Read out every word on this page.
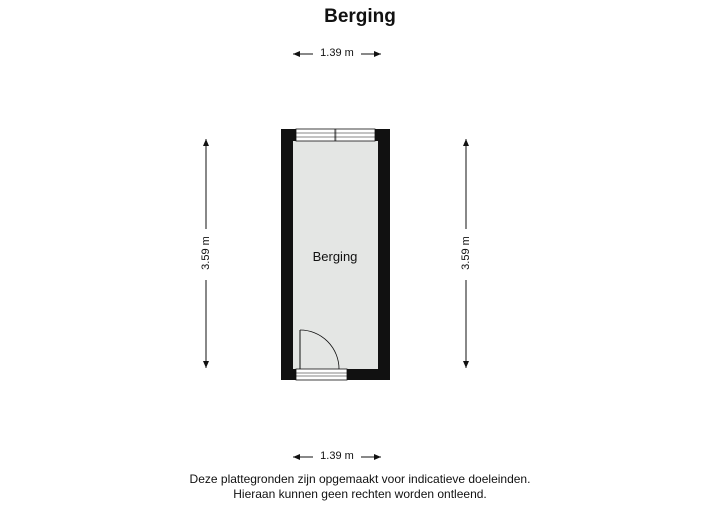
Berging
1.39 m
1.39 m
3.59 m	3.59 m
Berging
Deze plattegronden zijn opgemaakt voor indicatieve doeleinden.
Hieraan kunnen geen rechten worden ontleend.
